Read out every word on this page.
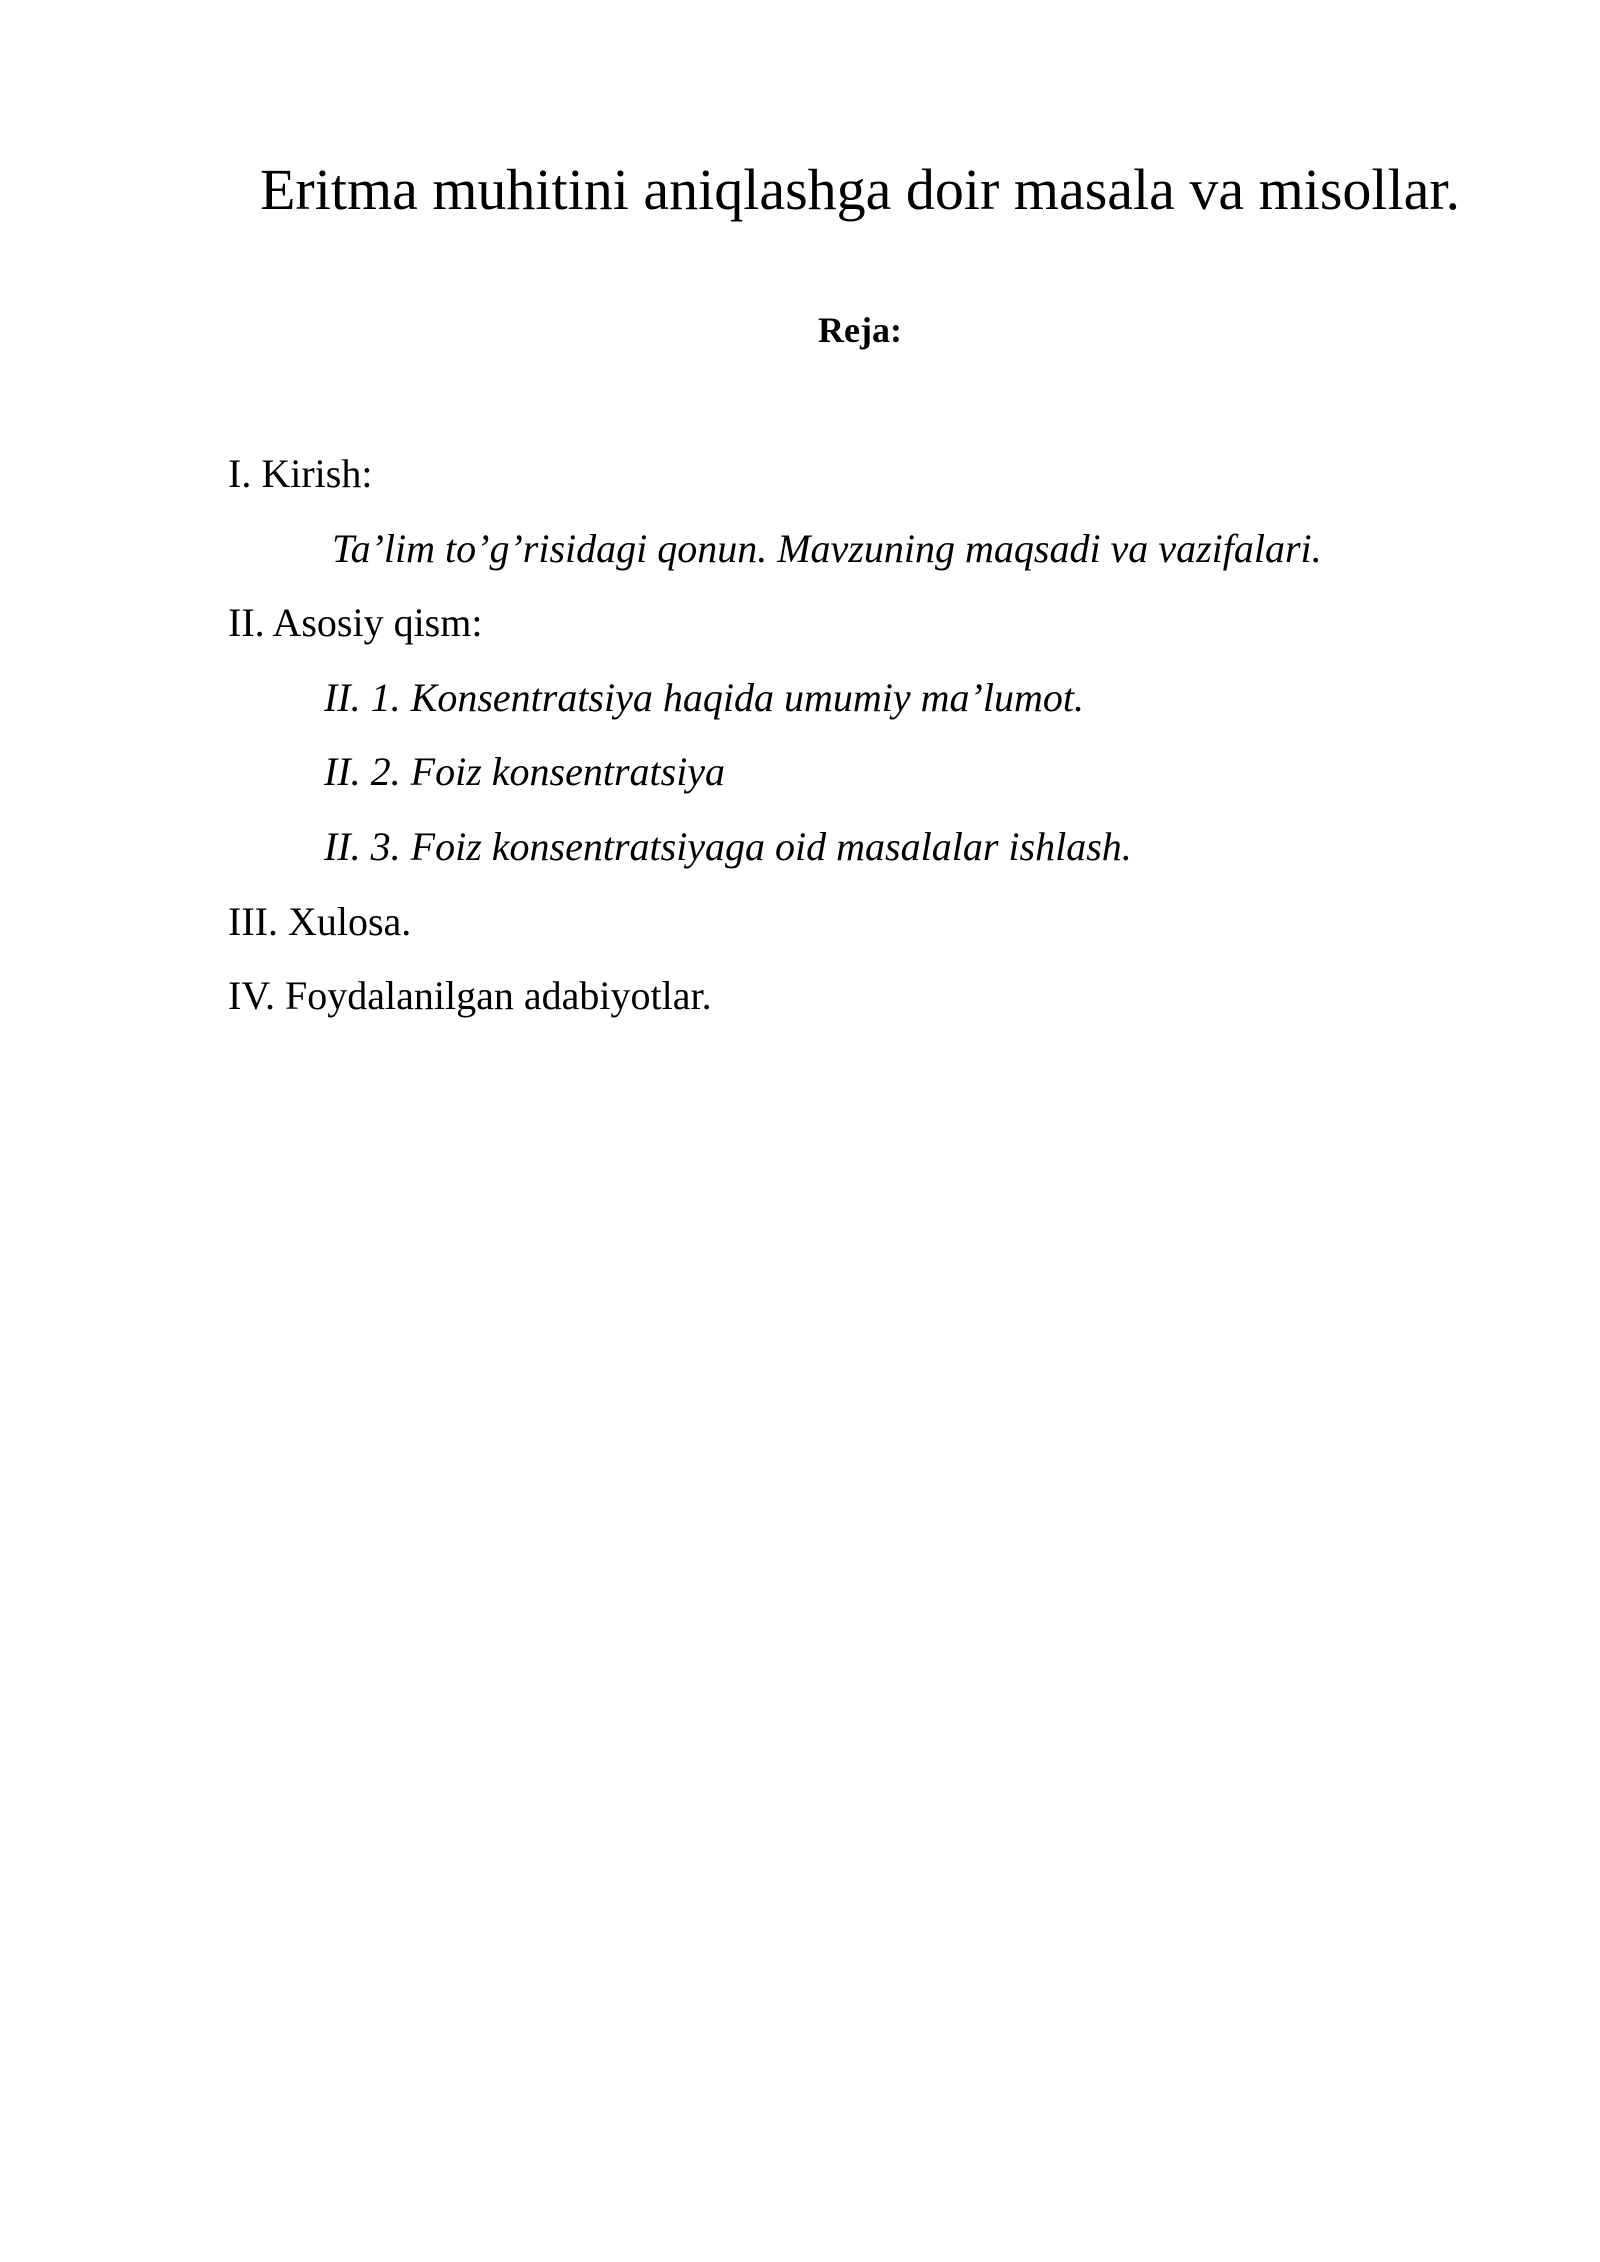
Eritma muhitini aniqlashga doir masala va misollar.
Reja:
I. Kirish:
Ta’lim to’g’risidagi qonun. Mavzuning maqsadi va vazifalari.
II. Asosiy qism:
II. 1. Konsentratsiya haqida umumiy ma’lumot.
II. 2. Foiz konsentratsiya
II. 3. Foiz konsentratsiyaga oid masalalar ishlash.
III. Xulosa.
IV. Foydalanilgan adabiyotlar.
